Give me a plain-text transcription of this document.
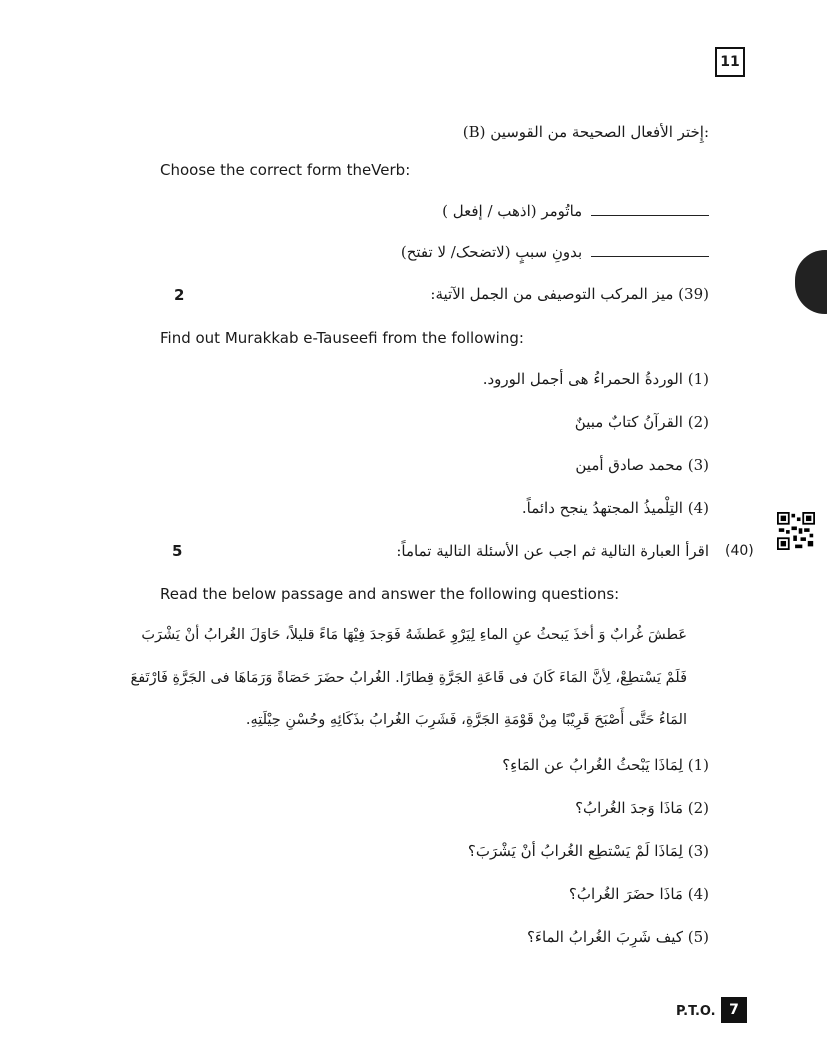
11
(B) إِختر الأفعال الصحيحة من القوسين:
Choose the correct form theVerb:
ماتُومر (اذهب / إفعل )
بدونِ سببٍ (لاتضحک/ لا تفتح)
2	(39) ميز المركب التوصيفى من الجمل الآتية:
Find out Murakkab e-Tauseefi from the following:
(1) الوردةُ الحمراءُ هى أجمل الورود.
(2) القرآنُ كتابٌ مبينٌ
(3) محمد صادق أمين
(4) التِلْميذُ المجتهدُ ينجح دائماً.
5	اقرأ العبارة التالية ثم اجب عن الأسئلة التالية تماماً: (40)
Read the below passage and answer the following questions:
عَطشَ غُرابٌ وَ أخذَ يَبحثُ عنِ الماءِ لِيَرْوِ عَطشَهُ فَوَجدَ فِيْهَا مَاءً قليلاً، حَاوَلَ الغُرابُ أنْ يَشْرَبَ
فَلَمْ يَسْتطِعْ، لِأنَّ المَاءَ كَانَ فى قَاعَةِ الجَرَّةِ قِطارًا. الغُرابُ حضَرَ حَصَاةً وَرَمَاهَا فى الجَرَّةِ فَارْتَفعَ
المَاءُ حَتَّى أَصْبَحَ قَرِيْبًا مِنْ قَوْمَةِ الجَرَّةِ، فَشَرِبَ الغُرابُ بذَكَائِهِ وحُسْنِ حِيْلَتِهِ.
(1) لِمَاذَا يَبْحثُ الغُرابُ عن المَاءِ؟
(2) مَاذَا وَجدَ الغُرابُ؟
(3) لِمَاذَا لَمْ يَسْتطِع الغُرابُ أنْ يَشْرَبَ؟
(4) مَاذَا حضَرَ الغُرابُ؟
(5) كيف شَرِبَ الغُرابُ الماءَ؟
P.T.O. 7
